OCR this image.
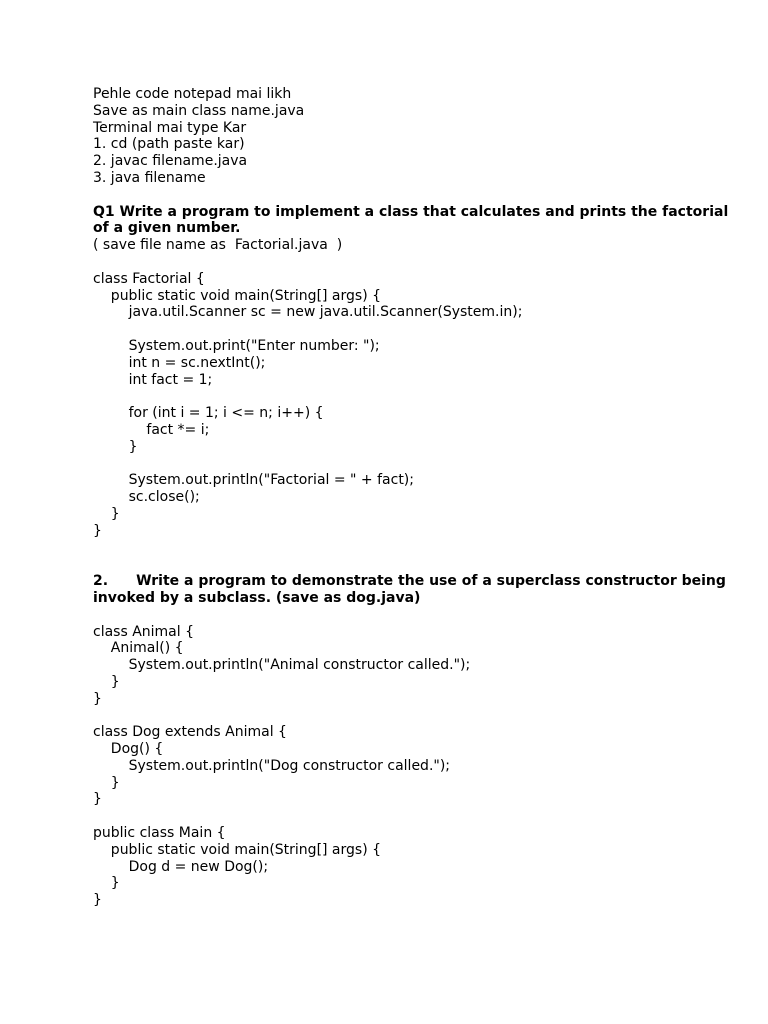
Pehle code notepad mai likh
Save as main class name.java
Terminal mai type Kar
1. cd (path paste kar)
2. javac filename.java
3. java filename
Q1 Write a program to implement a class that calculates and prints the factorial of a given number.
( save file name as  Factorial.java  )
class Factorial {
public static void main(String[] args) {
java.util.Scanner sc = new java.util.Scanner(System.in);
System.out.print("Enter number: ");
int n = sc.nextInt();
int fact = 1;
for (int i = 1; i <= n; i++) {
fact *= i;
}
System.out.println("Factorial = " + fact);
sc.close();
}
}
2. Write a program to demonstrate the use of a superclass constructor being invoked by a subclass. (save as dog.java)
class Animal {
Animal() {
System.out.println("Animal constructor called.");
}
}
class Dog extends Animal {
Dog() {
System.out.println("Dog constructor called.");
}
}
public class Main {
public static void main(String[] args) {
Dog d = new Dog();
}
}
